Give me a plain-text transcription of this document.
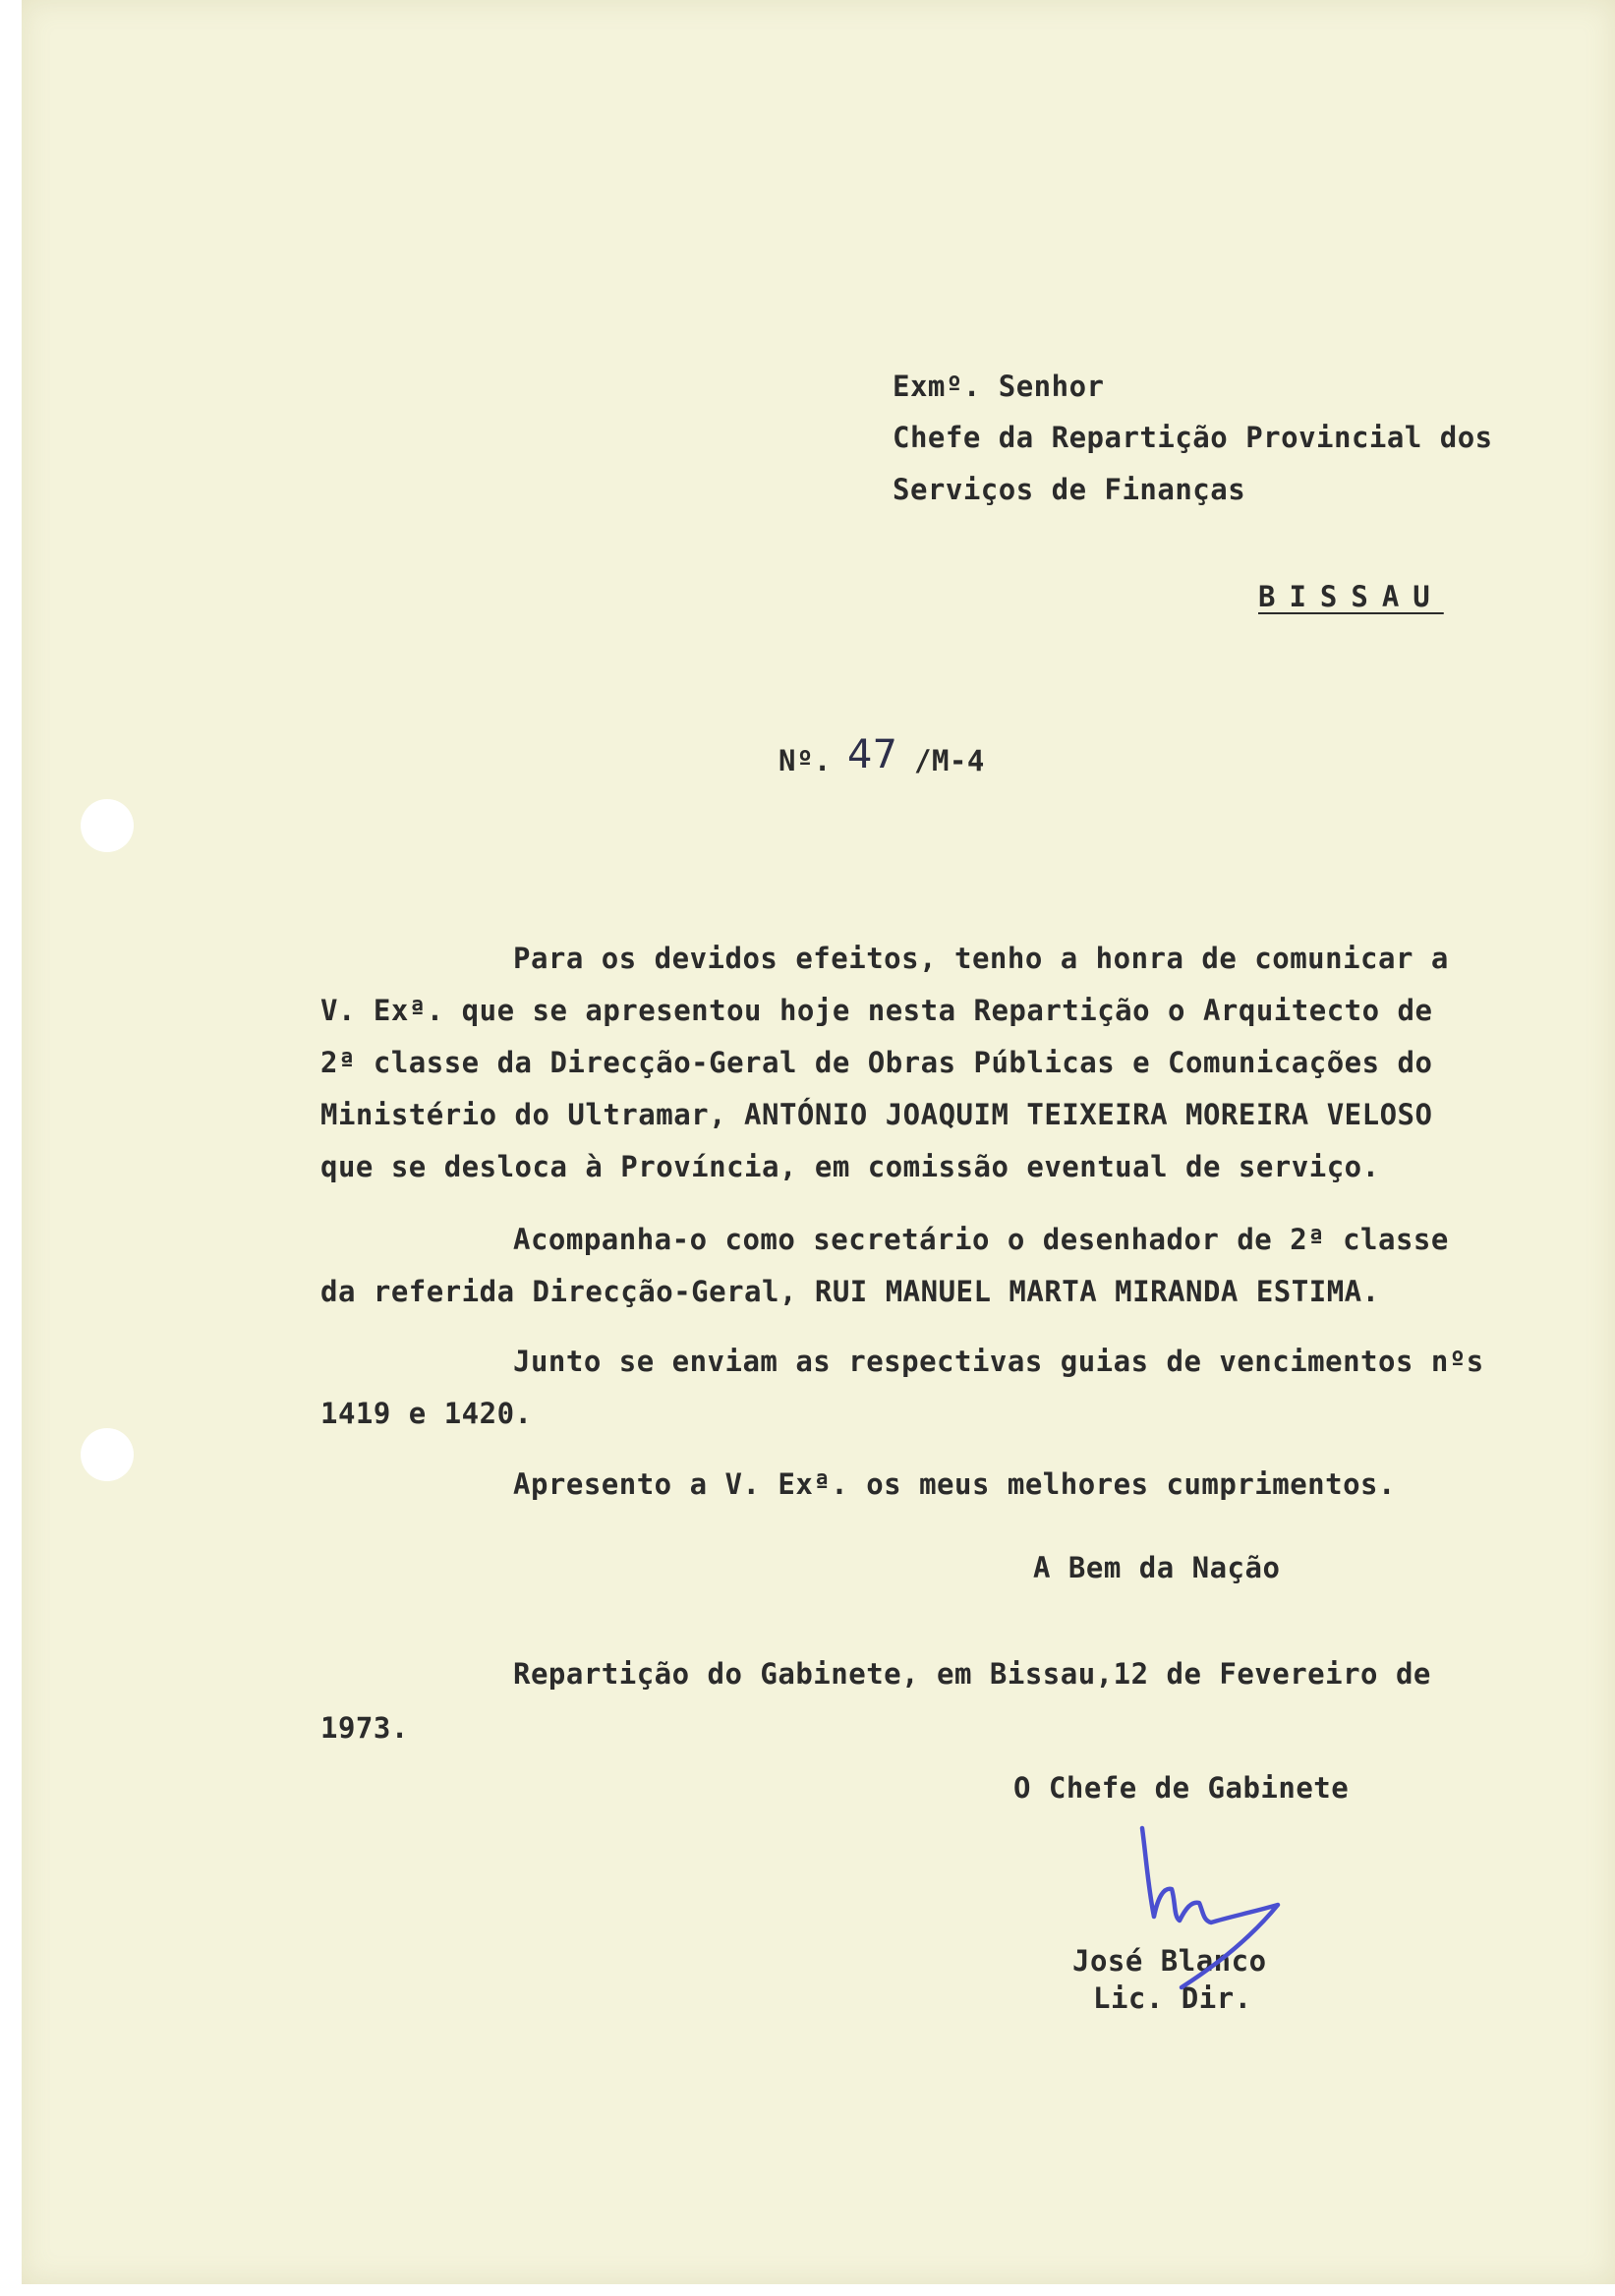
Exmº. Senhor
Chefe da Repartição Provincial dos
Serviços de Finanças
BISSAU
Nº. 47 /M-4
Para os devidos efeitos, tenho a honra de comunicar a
V. Exª. que se apresentou hoje nesta Repartição o Arquitecto de
2ª classe da Direcção-Geral de Obras Públicas e Comunicações do
Ministério do Ultramar, ANTÓNIO JOAQUIM TEIXEIRA MOREIRA VELOSO
que se desloca à Província, em comissão eventual de serviço.
Acompanha-o como secretário o desenhador de 2ª classe
da referida Direcção-Geral, RUI MANUEL MARTA MIRANDA ESTIMA.
Junto se enviam as respectivas guias de vencimentos nºs
1419 e 1420.
Apresento a V. Exª. os meus melhores cumprimentos.
A Bem da Nação
Repartição do Gabinete, em Bissau,12 de Fevereiro de
1973.
O Chefe de Gabinete
José Blanco
Lic. Dir.
